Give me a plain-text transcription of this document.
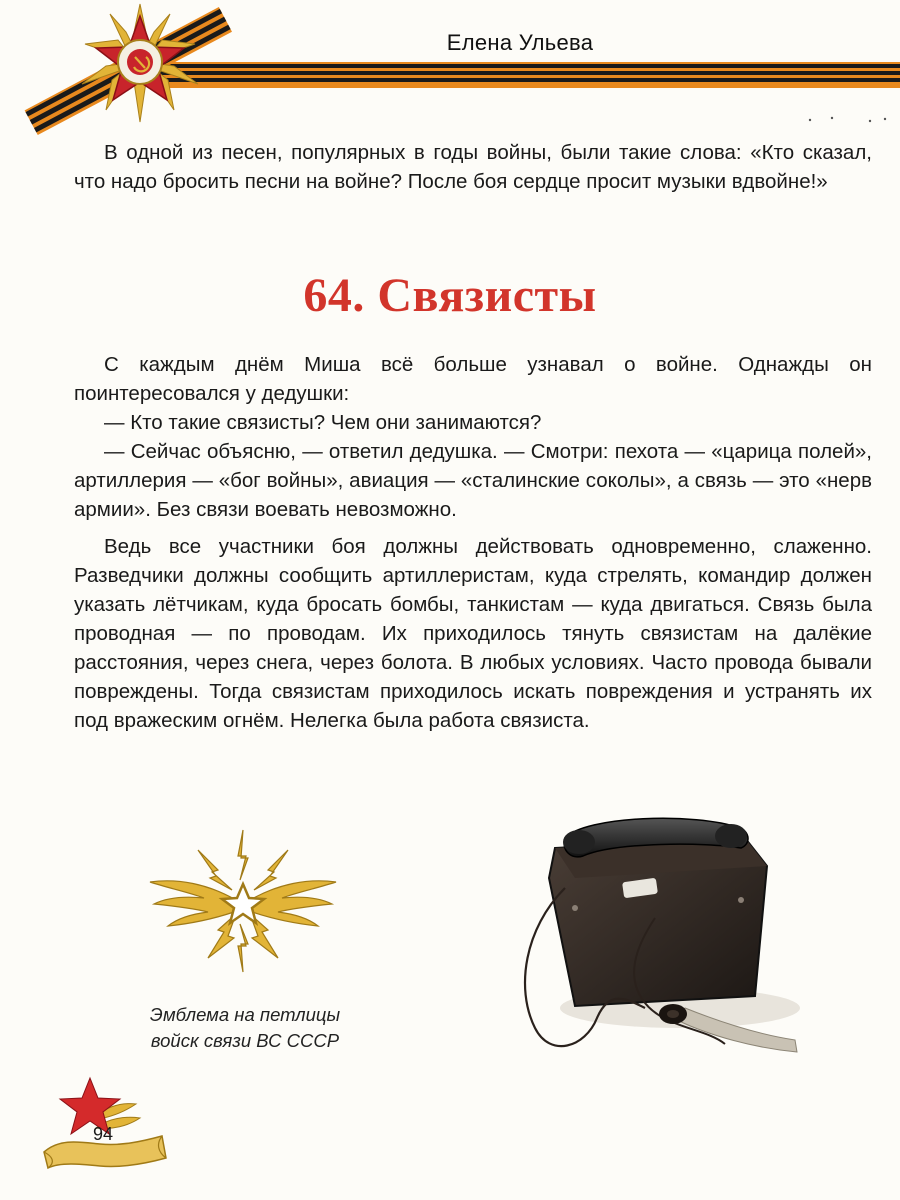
Елена Ульева

В одной из песен, популярных в годы войны, были такие слова: «Кто сказал, что надо бросить песни на войне? После боя сердце просит музыки вдвойне!»

64. Связисты

С каждым днём Миша всё больше узнавал о войне. Однажды он поинтересовался у дедушки:

— Кто такие связисты? Чем они занимаются?

— Сейчас объясню, — ответил дедушка. — Смотри: пехота — «царица полей», артиллерия — «бог войны», авиация — «сталинские соколы», а связь — это «нерв армии». Без связи воевать невозможно.

Ведь все участники боя должны действовать одновременно, слаженно. Разведчики должны сообщить артиллеристам, куда стрелять, командир должен указать лётчикам, куда бросать бомбы, танкистам — куда двигаться. Связь была проводная — по проводам. Их приходилось тянуть связистам на далёкие расстояния, через снега, через болота. В любых условиях. Часто провода бывали повреждены. Тогда связистам приходилось искать повреждения и устранять их под вражеским огнём. Нелегка была работа связиста.

Эмблема на петлицы
войск связи ВС СССР
94
